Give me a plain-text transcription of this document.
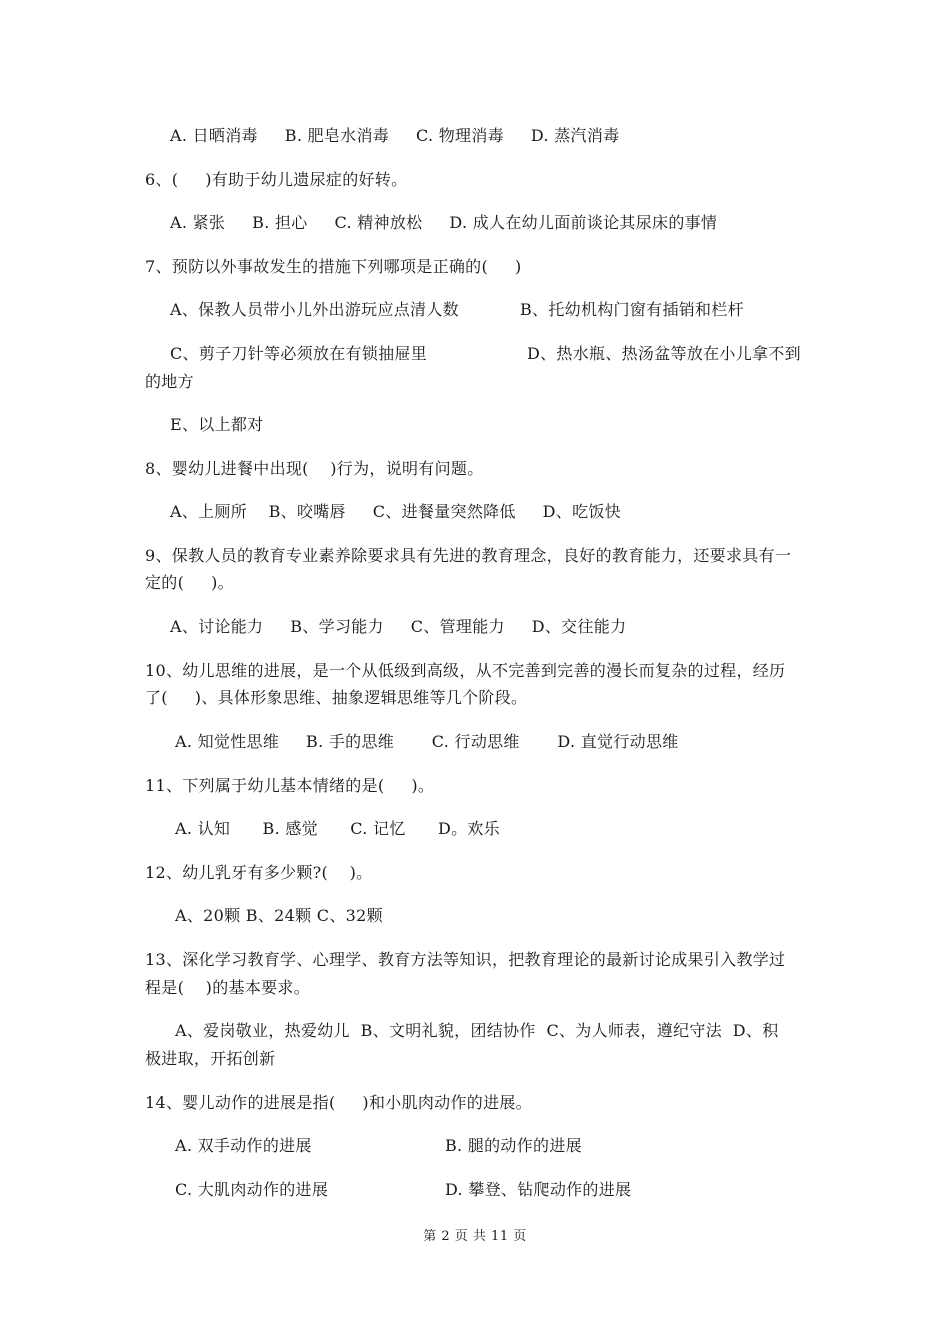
A. 日晒消毒     B. 肥皂水消毒     C. 物理消毒     D. 蒸汽消毒
6、(     )有助于幼儿遗尿症的好转。
A. 紧张     B. 担心     C. 精神放松     D. 成人在幼儿面前谈论其尿床的事情
7、预防以外事故发生的措施下列哪项是正确的(     )
A、保教人员带小儿外出游玩应点清人数	B、托幼机构门窗有插销和栏杆
C、剪子刀针等必须放在有锁抽屉里	D、热水瓶、热汤盆等放在小儿拿不到
的地方
E、以上都对
8、婴幼儿进餐中出现(    )行为，说明有问题。
A、上厕所    B、咬嘴唇     C、进餐量突然降低     D、吃饭快
9、保教人员的教育专业素养除要求具有先进的教育理念，良好的教育能力，还要求具有一
定的(     )。
A、讨论能力     B、学习能力     C、管理能力     D、交往能力
10、幼儿思维的进展，是一个从低级到高级，从不完善到完善的漫长而复杂的过程，经历
了(     )、具体形象思维、抽象逻辑思维等几个阶段。
A. 知觉性思维     B. 手的思维       C. 行动思维       D. 直觉行动思维
11、下列属于幼儿基本情绪的是(     )。
A. 认知      B. 感觉      C. 记忆      D。欢乐
12、幼儿乳牙有多少颗?(    )。
A、20颗 B、24颗 C、32颗
13、深化学习教育学、心理学、教育方法等知识，把教育理论的最新讨论成果引入教学过
程是(    )的基本要求。
A、爱岗敬业，热爱幼儿  B、文明礼貌，团结协作  C、为人师表，遵纪守法  D、积
极进取，开拓创新
14、婴儿动作的进展是指(     )和小肌肉动作的进展。
A. 双手动作的进展	B. 腿的动作的进展
C. 大肌肉动作的进展	D. 攀登、钻爬动作的进展
第 2 页 共 11 页
